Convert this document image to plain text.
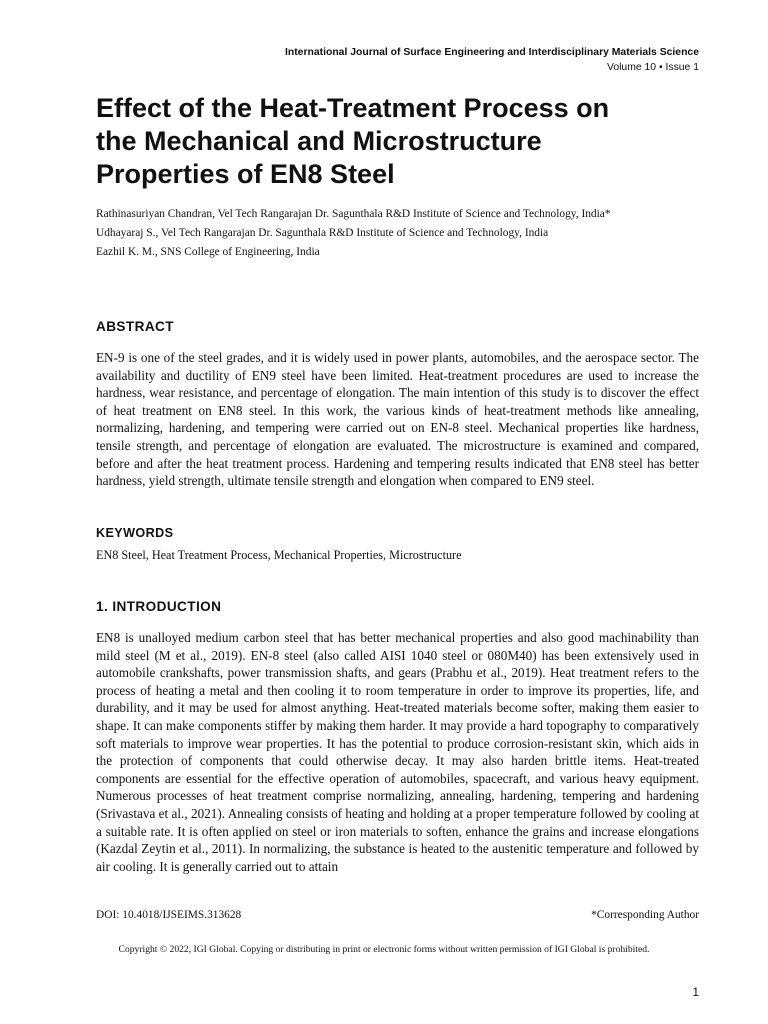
International Journal of Surface Engineering and Interdisciplinary Materials Science
Volume 10 • Issue 1
Effect of the Heat-Treatment Process on the Mechanical and Microstructure Properties of EN8 Steel
Rathinasuriyan Chandran, Vel Tech Rangarajan Dr. Sagunthala R&D Institute of Science and Technology, India*
Udhayaraj S., Vel Tech Rangarajan Dr. Sagunthala R&D Institute of Science and Technology, India
Eazhil K. M., SNS College of Engineering, India
ABSTRACT

EN-9 is one of the steel grades, and it is widely used in power plants, automobiles, and the aerospace sector. The availability and ductility of EN9 steel have been limited. Heat-treatment procedures are used to increase the hardness, wear resistance, and percentage of elongation. The main intention of this study is to discover the effect of heat treatment on EN8 steel. In this work, the various kinds of heat-treatment methods like annealing, normalizing, hardening, and tempering were carried out on EN-8 steel. Mechanical properties like hardness, tensile strength, and percentage of elongation are evaluated. The microstructure is examined and compared, before and after the heat treatment process. Hardening and tempering results indicated that EN8 steel has better hardness, yield strength, ultimate tensile strength and elongation when compared to EN9 steel.

KEYWORDS
EN8 Steel, Heat Treatment Process, Mechanical Properties, Microstructure
1. INTRODUCTION

EN8 is unalloyed medium carbon steel that has better mechanical properties and also good machinability than mild steel (M et al., 2019). EN-8 steel (also called AISI 1040 steel or 080M40) has been extensively used in automobile crankshafts, power transmission shafts, and gears (Prabhu et al., 2019). Heat treatment refers to the process of heating a metal and then cooling it to room temperature in order to improve its properties, life, and durability, and it may be used for almost anything. Heat-treated materials become softer, making them easier to shape. It can make components stiffer by making them harder. It may provide a hard topography to comparatively soft materials to improve wear properties. It has the potential to produce corrosion-resistant skin, which aids in the protection of components that could otherwise decay. It may also harden brittle items. Heat-treated components are essential for the effective operation of automobiles, spacecraft, and various heavy equipment. Numerous processes of heat treatment comprise normalizing, annealing, hardening, tempering and hardening (Srivastava et al., 2021). Annealing consists of heating and holding at a proper temperature followed by cooling at a suitable rate. It is often applied on steel or iron materials to soften, enhance the grains and increase elongations (Kazdal Zeytin et al., 2011). In normalizing, the substance is heated to the austenitic temperature and followed by air cooling. It is generally carried out to attain

DOI: 10.4018/IJSEIMS.313628	*Corresponding Author
Copyright © 2022, IGI Global. Copying or distributing in print or electronic forms without written permission of IGI Global is prohibited.
1
